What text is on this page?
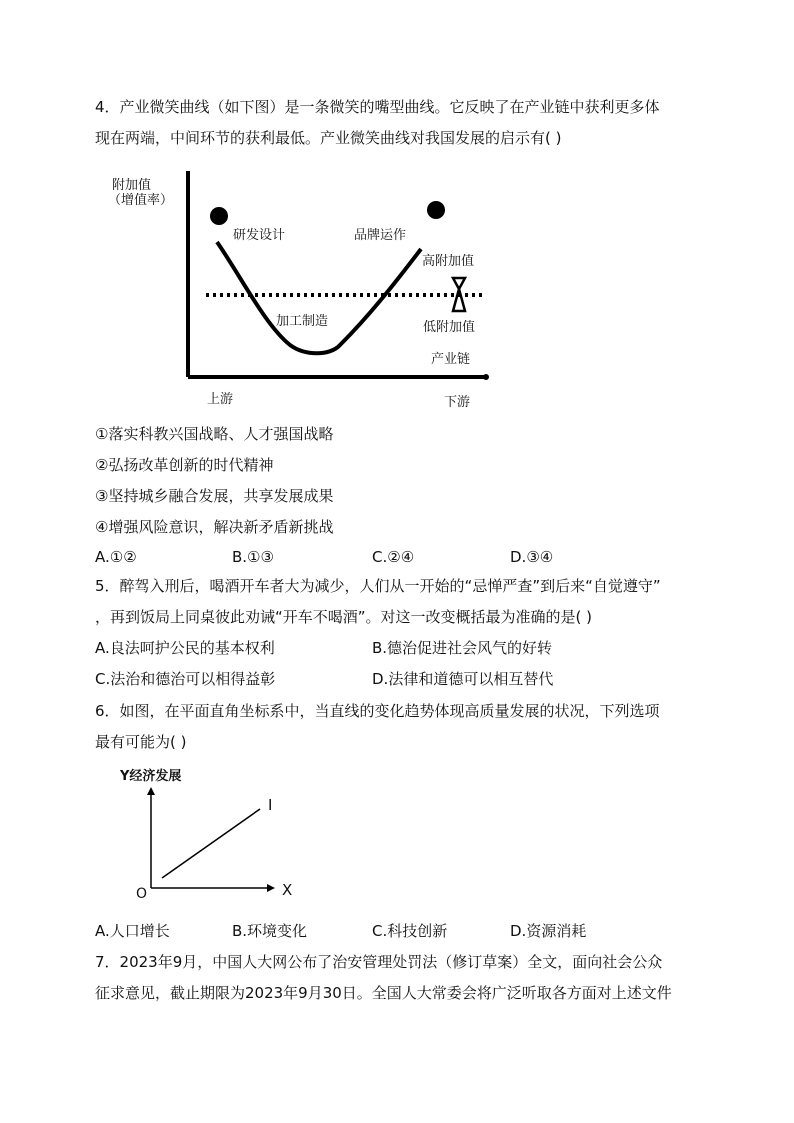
4．产业微笑曲线（如下图）是一条微笑的嘴型曲线。它反映了在产业链中获利更多体
现在两端，中间环节的获利最低。产业微笑曲线对我国发展的启示有( )
附加值
（增值率）
研发设计	品牌运作
高附加值
低附加值
加工制造
产业链
上游	下游
①落实科教兴国战略、人才强国战略
②弘扬改革创新的时代精神
③坚持城乡融合发展，共享发展成果
④增强风险意识，解决新矛盾新挑战
A.①②	B.①③	C.②④	D.③④
5．醉驾入刑后，喝酒开车者大为减少，人们从一开始的“忌惮严查”到后来“自觉遵守”
，再到饭局上同桌彼此劝诫“开车不喝酒”。对这一改变概括最为准确的是( )
A.良法呵护公民的基本权利	B.德治促进社会风气的好转
C.法治和德治可以相得益彰	D.法律和道德可以相互替代
6．如图，在平面直角坐标系中，当直线的变化趋势体现高质量发展的状况，下列选项
最有可能为( )
Y经济发展
I
X
O
A.人口增长	B.环境变化	C.科技创新	D.资源消耗
7．2023年9月，中国人大网公布了治安管理处罚法（修订草案）全文，面向社会公众
征求意见，截止期限为2023年9月30日。全国人大常委会将广泛听取各方面对上述文件
